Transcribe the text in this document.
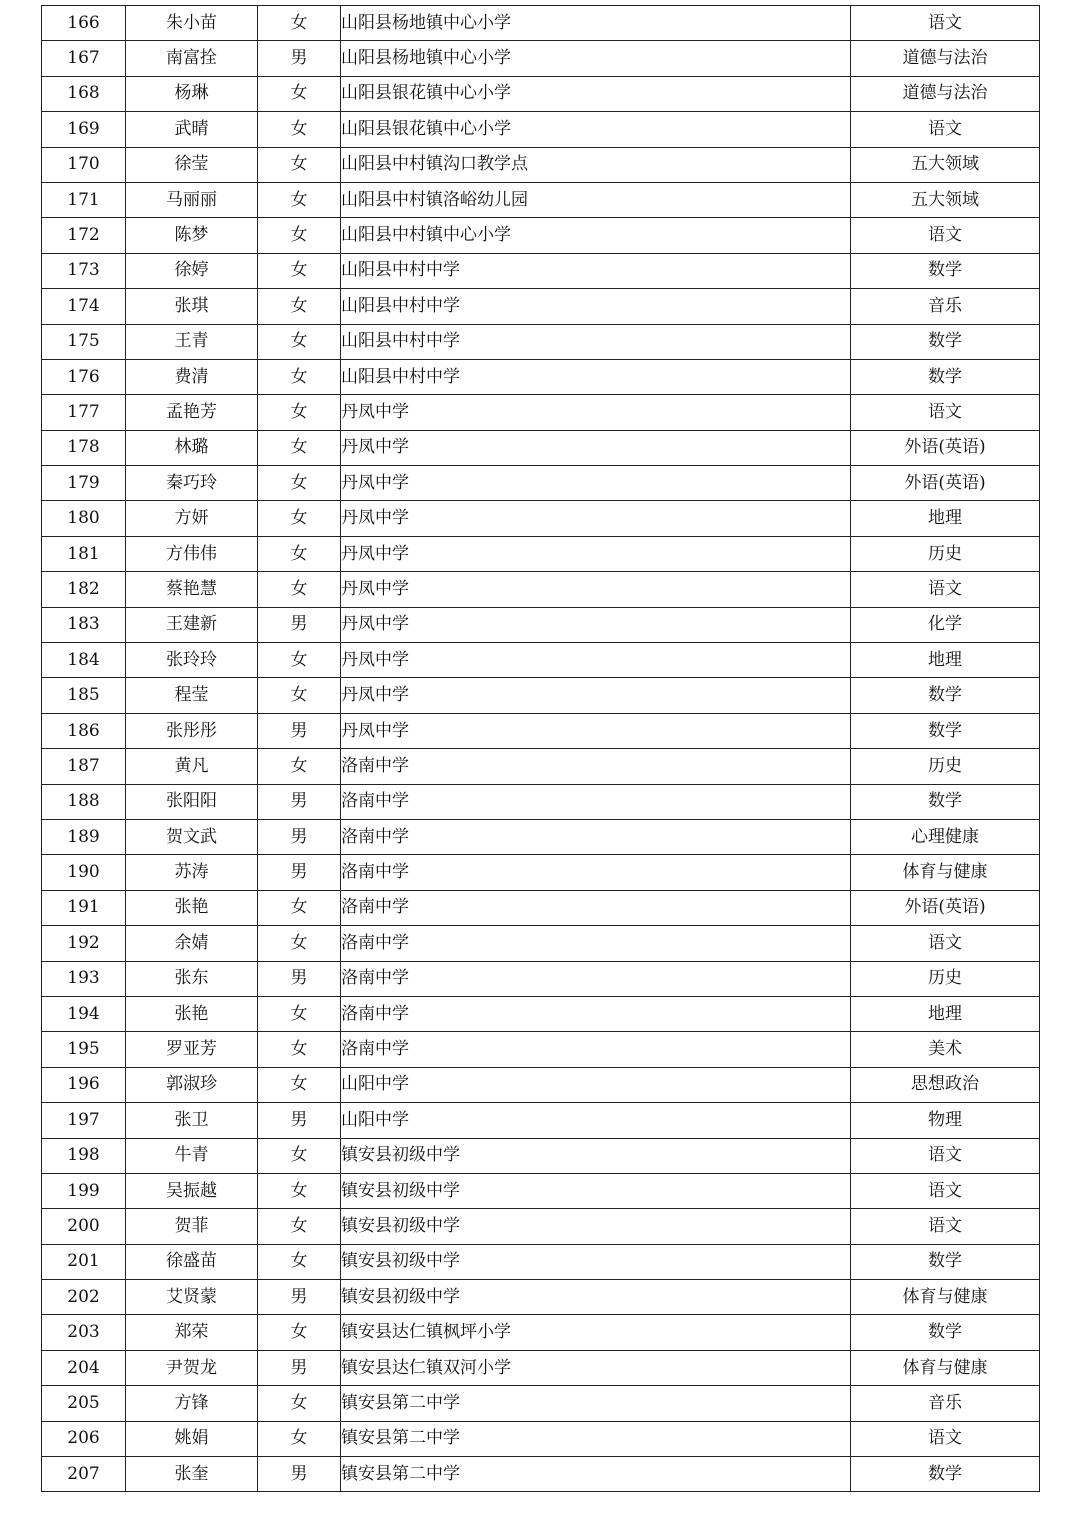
166	朱小苗	女	山阳县杨地镇中心小学	语文
167	南富拴	男	山阳县杨地镇中心小学	道德与法治
168	杨琳	女	山阳县银花镇中心小学	道德与法治
169	武晴	女	山阳县银花镇中心小学	语文
170	徐莹	女	山阳县中村镇沟口教学点	五大领域
171	马丽丽	女	山阳县中村镇洛峪幼儿园	五大领域
172	陈梦	女	山阳县中村镇中心小学	语文
173	徐婷	女	山阳县中村中学	数学
174	张琪	女	山阳县中村中学	音乐
175	王青	女	山阳县中村中学	数学
176	费清	女	山阳县中村中学	数学
177	孟艳芳	女	丹凤中学	语文
178	林璐	女	丹凤中学	外语(英语)
179	秦巧玲	女	丹凤中学	外语(英语)
180	方妍	女	丹凤中学	地理
181	方伟伟	女	丹凤中学	历史
182	蔡艳慧	女	丹凤中学	语文
183	王建新	男	丹凤中学	化学
184	张玲玲	女	丹凤中学	地理
185	程莹	女	丹凤中学	数学
186	张彤彤	男	丹凤中学	数学
187	黄凡	女	洛南中学	历史
188	张阳阳	男	洛南中学	数学
189	贺文武	男	洛南中学	心理健康
190	苏涛	男	洛南中学	体育与健康
191	张艳	女	洛南中学	外语(英语)
192	余婧	女	洛南中学	语文
193	张东	男	洛南中学	历史
194	张艳	女	洛南中学	地理
195	罗亚芳	女	洛南中学	美术
196	郭淑珍	女	山阳中学	思想政治
197	张卫	男	山阳中学	物理
198	牛青	女	镇安县初级中学	语文
199	吴振越	女	镇安县初级中学	语文
200	贺菲	女	镇安县初级中学	语文
201	徐盛苗	女	镇安县初级中学	数学
202	艾贤蒙	男	镇安县初级中学	体育与健康
203	郑荣	女	镇安县达仁镇枫坪小学	数学
204	尹贺龙	男	镇安县达仁镇双河小学	体育与健康
205	方锋	女	镇安县第二中学	音乐
206	姚娟	女	镇安县第二中学	语文
207	张奎	男	镇安县第二中学	数学
